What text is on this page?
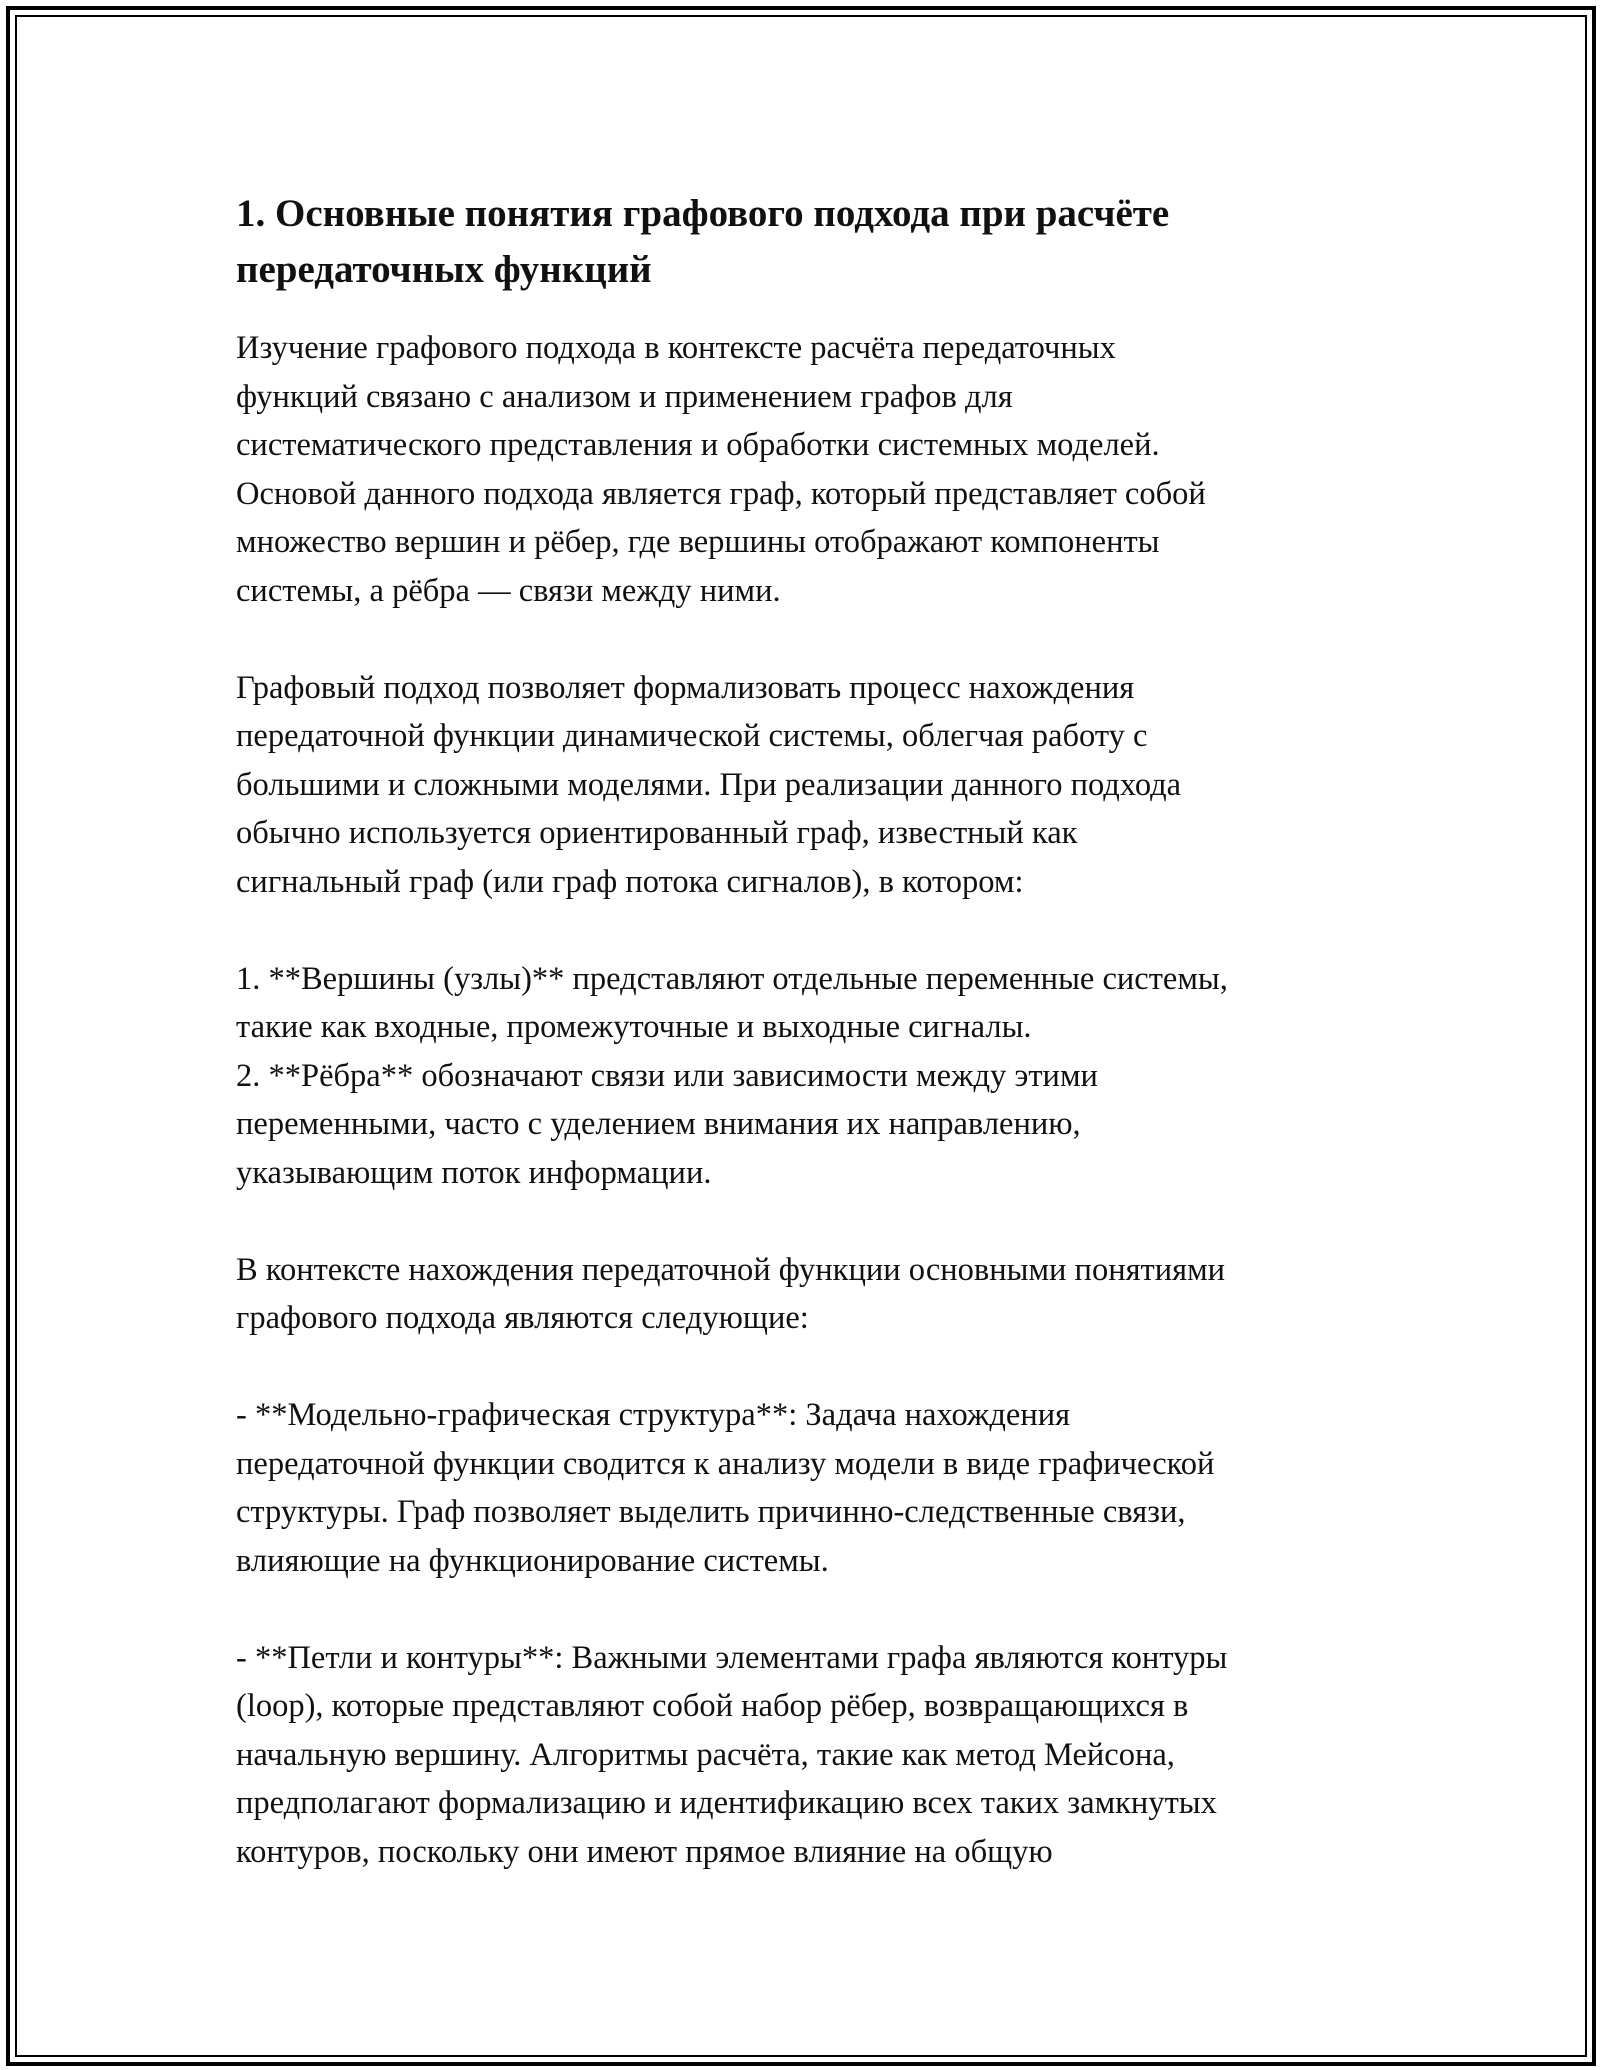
1. Основные понятия графового подхода при расчёте
передаточных функций

Изучение графового подхода в контексте расчёта передаточных
функций связано с анализом и применением графов для
систематического представления и обработки системных моделей.
Основой данного подхода является граф, который представляет собой
множество вершин и рёбер, где вершины отображают компоненты
системы, а рёбра — связи между ними.

Графовый подход позволяет формализовать процесс нахождения
передаточной функции динамической системы, облегчая работу с
большими и сложными моделями. При реализации данного подхода
обычно используется ориентированный граф, известный как
сигнальный граф (или граф потока сигналов), в котором:

1. **Вершины (узлы)** представляют отдельные переменные системы,
такие как входные, промежуточные и выходные сигналы.
2. **Рёбра** обозначают связи или зависимости между этими
переменными, часто с уделением внимания их направлению,
указывающим поток информации.

В контексте нахождения передаточной функции основными понятиями
графового подхода являются следующие:

- **Модельно-графическая структура**: Задача нахождения
передаточной функции сводится к анализу модели в виде графической
структуры. Граф позволяет выделить причинно-следственные связи,
влияющие на функционирование системы.

- **Петли и контуры**: Важными элементами графа являются контуры
(loop), которые представляют собой набор рёбер, возвращающихся в
начальную вершину. Алгоритмы расчёта, такие как метод Мейсона,
предполагают формализацию и идентификацию всех таких замкнутых
контуров, поскольку они имеют прямое влияние на общую
